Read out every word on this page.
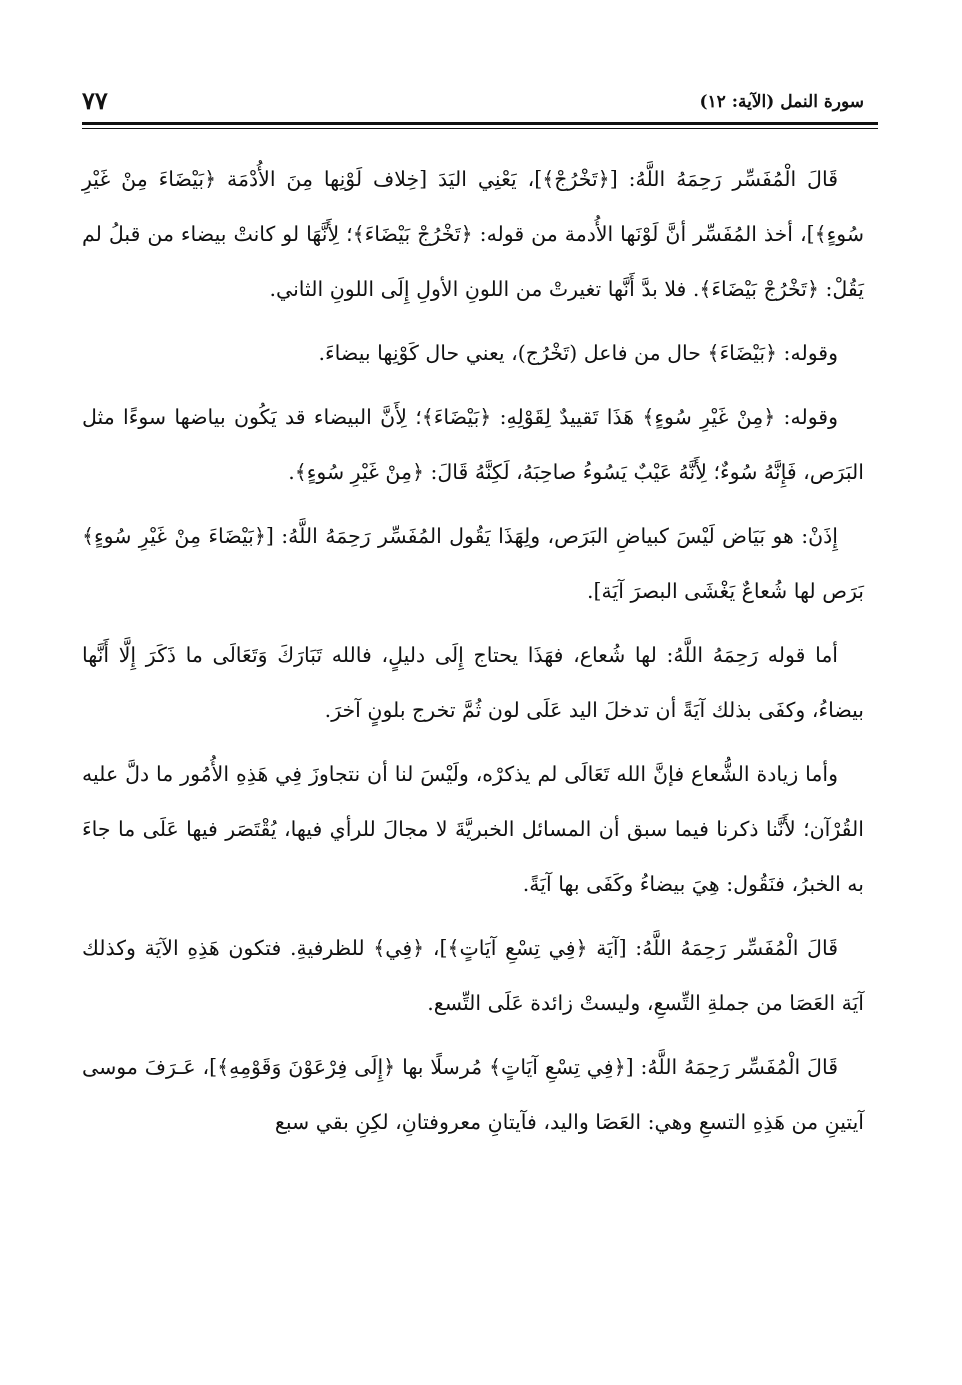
سورة النمل (الآية: ١٢)
٧٧

قَالَ الْمُفَسِّر رَحِمَهُ اللَّهُ: [﴿تَخْرُجْ﴾]، يَعْنِي اليَدَ [خِلاف لَوْنِها مِنَ الأُدْمَة ﴿بَيْضَاءَ مِنْ غَيْرِ سُوءٍ﴾]، أخذ المُفَسِّر أنَّ لَوْنَها الأُدمة من قوله: ﴿تَخْرُجْ بَيْضَاءَ﴾؛ لِأَنَّهَا لو كانتْ بيضاء من قبلُ لم يَقُلْ: ﴿تَخْرُجْ بَيْضَاءَ﴾. فلا بدَّ أَنَّها تغيرتْ من اللونِ الأولِ إِلَى اللونِ الثاني.

وقوله: ﴿بَيْضَاءَ﴾ حال من فاعل (تَخْرُج)، يعني حال كَوْنِها بيضاءَ.

وقوله: ﴿مِنْ غَيْرِ سُوءٍ﴾ هَذَا تَقييدٌ لِقَوْلِهِ: ﴿بَيْضَاءَ﴾؛ لِأَنَّ البيضاء قد يَكُون بياضها سوءًا مثل البَرَص، فَإِنَّهُ سُوءٌ؛ لِأَنَّهُ عَيْبٌ يَسُوءُ صاحِبَهُ، لَكِنَّهُ قَالَ: ﴿مِنْ غَيْرِ سُوءٍ﴾.

إِذَنْ: هو بَيَاض لَيْسَ كبياضِ البَرَص، ولِهَذَا يَقُول المُفَسِّر رَحِمَهُ اللَّهُ: [﴿بَيْضَاءَ مِنْ غَيْرِ سُوءٍ﴾ بَرَص لها شُعاعٌ يَغْشَى البصرَ آيَة].

أما قوله رَحِمَهُ اللَّهُ: لها شُعاع، فهَذَا يحتاج إِلَى دليلٍ، فالله تَبَارَكَ وَتَعَالَى ما ذَكَرَ إِلَّا أَنَّها بيضاءُ، وكفَى بذلك آيَةً أن تدخلَ اليد عَلَى لون ثُمَّ تخرج بلونٍ آخرَ.

وأما زيادة الشُّعاع فإنَّ الله تَعَالَى لم يذكرْه، ولَيْسَ لنا أن نتجاوزَ فِي هَذِهِ الأُمُور ما دلَّ عليه القُرْآن؛ لأَنَّنا ذكرنا فيما سبق أن المسائل الخبريَّةَ لا مجالَ للرأي فيها، يُقْتَصَر فيها عَلَى ما جاءَ به الخبرُ، فنَقُول: هِيَ بيضاءُ وكَفَى بها آيَةً.

قَالَ الْمُفَسِّر رَحِمَهُ اللَّهُ: [آيَة ﴿فِي تِسْعِ آيَاتٍ﴾]، ﴿فِي﴾ للظرفيةِ. فتكون هَذِهِ الآيَة وكذلك آيَة العَصَا من جملةِ التِّسعِ، وليستْ زائدة عَلَى التِّسع.

قَالَ الْمُفَسِّر رَحِمَهُ اللَّهُ: [﴿فِي تِسْعِ آيَاتٍ﴾ مُرسلًا بها ﴿إِلَى فِرْعَوْنَ وَقَوْمِهِ﴾]، عَـرَفَ موسى آيتينِ من هَذِهِ التسعِ وهي: العَصَا واليد، فآيتانِ معروفتانِ، لكِنِ بقي سبع
